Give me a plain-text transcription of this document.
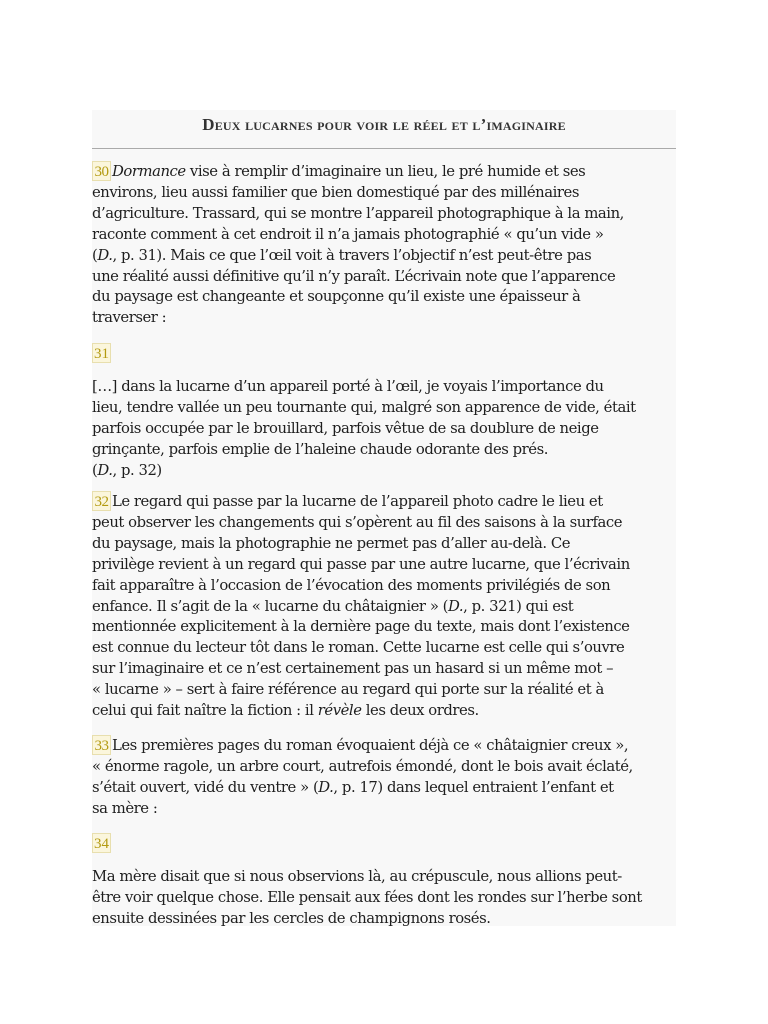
Deux lucarnes pour voir le réel et l’imaginaire
30 Dormance vise à remplir d’imaginaire un lieu, le pré humide et ses
environs, lieu aussi familier que bien domestiqué par des millénaires
d’agriculture. Trassard, qui se montre l’appareil photographique à la main,
raconte comment à cet endroit il n’a jamais photographié « qu’un vide »
(D., p. 31). Mais ce que l’œil voit à travers l’objectif n’est peut-être pas
une réalité aussi définitive qu’il n’y paraît. L’écrivain note que l’apparence
du paysage est changeante et soupçonne qu’il existe une épaisseur à
traverser :
31
[…] dans la lucarne d’un appareil porté à l’œil, je voyais l’importance du
lieu, tendre vallée un peu tournante qui, malgré son apparence de vide, était
parfois occupée par le brouillard, parfois vêtue de sa doublure de neige
grinçante, parfois emplie de l’haleine chaude odorante des prés.
(D., p. 32)
32 Le regard qui passe par la lucarne de l’appareil photo cadre le lieu et
peut observer les changements qui s’opèrent au fil des saisons à la surface
du paysage, mais la photographie ne permet pas d’aller au-delà. Ce
privilège revient à un regard qui passe par une autre lucarne, que l’écrivain
fait apparaître à l’occasion de l’évocation des moments privilégiés de son
enfance. Il s’agit de la « lucarne du châtaignier » (D., p. 321) qui est
mentionnée explicitement à la dernière page du texte, mais dont l’existence
est connue du lecteur tôt dans le roman. Cette lucarne est celle qui s’ouvre
sur l’imaginaire et ce n’est certainement pas un hasard si un même mot –
« lucarne » – sert à faire référence au regard qui porte sur la réalité et à
celui qui fait naître la fiction : il révèle les deux ordres.
33 Les premières pages du roman évoquaient déjà ce « châtaignier creux »,
« énorme ragole, un arbre court, autrefois émondé, dont le bois avait éclaté,
s’était ouvert, vidé du ventre » (D., p. 17) dans lequel entraient l’enfant et
sa mère :
34
Ma mère disait que si nous observions là, au crépuscule, nous allions peut-
être voir quelque chose. Elle pensait aux fées dont les rondes sur l’herbe sont
ensuite dessinées par les cercles de champignons rosés.
